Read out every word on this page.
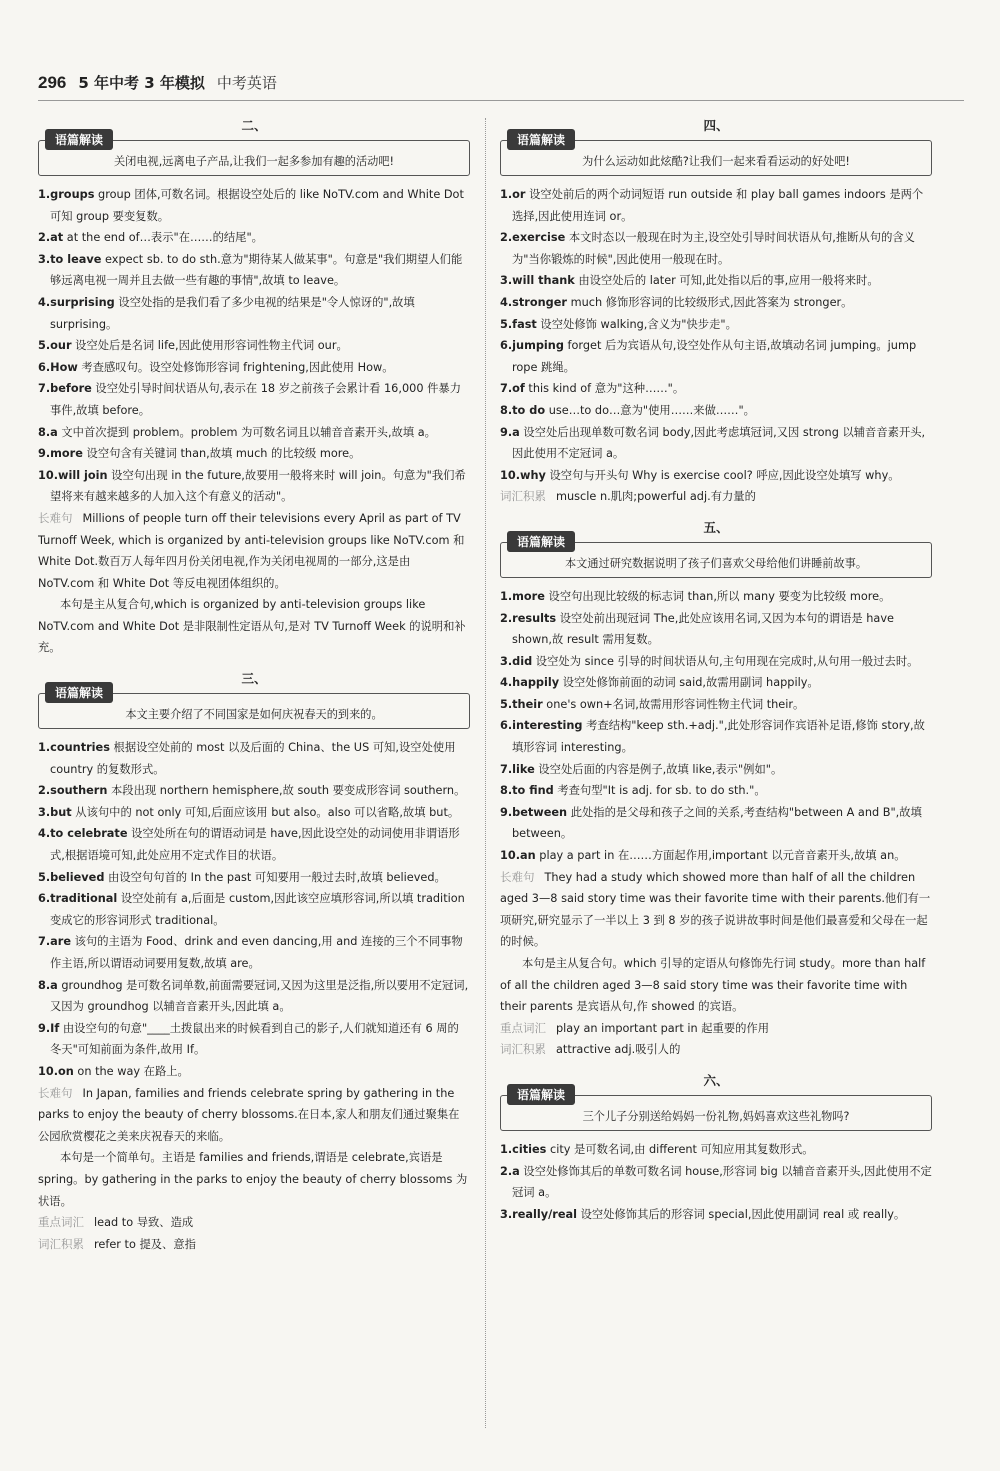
296 5 年中考 3 年模拟 中考英语
二、
语篇解读
关闭电视,远离电子产品,让我们一起多参加有趣的活动吧!

1.groups group 团体,可数名词。根据设空处后的 like NoTV.com and White Dot 可知 group 要变复数。

2.at at the end of…表示"在……的结尾"。

3.to leave expect sb. to do sth.意为"期待某人做某事"。句意是"我们期望人们能够远离电视一周并且去做一些有趣的事情",故填 to leave。

4.surprising 设空处指的是我们看了多少电视的结果是"令人惊讶的",故填 surprising。

5.our 设空处后是名词 life,因此使用形容词性物主代词 our。

6.How 考查感叹句。设空处修饰形容词 frightening,因此使用 How。

7.before 设空处引导时间状语从句,表示在 18 岁之前孩子会累计看 16,000 件暴力事件,故填 before。

8.a 文中首次提到 problem。problem 为可数名词且以辅音音素开头,故填 a。

9.more 设空句含有关键词 than,故填 much 的比较级 more。

10.will join 设空句出现 in the future,故要用一般将来时 will join。句意为"我们希望将来有越来越多的人加入这个有意义的活动"。

长难句 Millions of people turn off their televisions every April as part of TV Turnoff Week, which is organized by anti-television groups like NoTV.com 和 White Dot.数百万人每年四月份关闭电视,作为关闭电视周的一部分,这是由 NoTV.com 和 White Dot 等反电视团体组织的。

本句是主从复合句,which is organized by anti-television groups like NoTV.com and White Dot 是非限制性定语从句,是对 TV Turnoff Week 的说明和补充。

三、
语篇解读
本文主要介绍了不同国家是如何庆祝春天的到来的。

1.countries 根据设空处前的 most 以及后面的 China、the US 可知,设空处使用 country 的复数形式。

2.southern 本段出现 northern hemisphere,故 south 要变成形容词 southern。

3.but 从该句中的 not only 可知,后面应该用 but also。also 可以省略,故填 but。

4.to celebrate 设空处所在句的谓语动词是 have,因此设空处的动词使用非谓语形式,根据语境可知,此处应用不定式作目的状语。

5.believed 由设空句句首的 In the past 可知要用一般过去时,故填 believed。

6.traditional 设空处前有 a,后面是 custom,因此该空应填形容词,所以填 tradition 变成它的形容词形式 traditional。

7.are 该句的主语为 Food、drink and even dancing,用 and 连接的三个不同事物作主语,所以谓语动词要用复数,故填 are。

8.a groundhog 是可数名词单数,前面需要冠词,又因为这里是泛指,所以要用不定冠词,又因为 groundhog 以辅音音素开头,因此填 a。

9.If 由设空句的句意"____土拨鼠出来的时候看到自己的影子,人们就知道还有 6 周的冬天"可知前面为条件,故用 If。

10.on on the way 在路上。

长难句 In Japan, families and friends celebrate spring by gathering in the parks to enjoy the beauty of cherry blossoms.在日本,家人和朋友们通过聚集在公园欣赏樱花之美来庆祝春天的来临。

本句是一个简单句。主语是 families and friends,谓语是 celebrate,宾语是 spring。by gathering in the parks to enjoy the beauty of cherry blossoms 为状语。

重点词汇 lead to 导致、造成

词汇积累 refer to 提及、意指

四、
语篇解读
为什么运动如此炫酷?让我们一起来看看运动的好处吧!

1.or 设空处前后的两个动词短语 run outside 和 play ball games indoors 是两个选择,因此使用连词 or。

2.exercise 本文时态以一般现在时为主,设空处引导时间状语从句,推断从句的含义为"当你锻炼的时候",因此使用一般现在时。

3.will thank 由设空处后的 later 可知,此处指以后的事,应用一般将来时。

4.stronger much 修饰形容词的比较级形式,因此答案为 stronger。

5.fast 设空处修饰 walking,含义为"快步走"。

6.jumping forget 后为宾语从句,设空处作从句主语,故填动名词 jumping。jump rope 跳绳。

7.of this kind of 意为"这种……"。

8.to do use…to do…意为"使用……来做……"。

9.a 设空处后出现单数可数名词 body,因此考虑填冠词,又因 strong 以辅音音素开头,因此使用不定冠词 a。

10.why 设空句与开头句 Why is exercise cool? 呼应,因此设空处填写 why。

词汇积累 muscle n.肌肉;powerful adj.有力量的

五、
语篇解读
本文通过研究数据说明了孩子们喜欢父母给他们讲睡前故事。

1.more 设空句出现比较级的标志词 than,所以 many 要变为比较级 more。

2.results 设空处前出现冠词 The,此处应该用名词,又因为本句的谓语是 have shown,故 result 需用复数。

3.did 设空处为 since 引导的时间状语从句,主句用现在完成时,从句用一般过去时。

4.happily 设空处修饰前面的动词 said,故需用副词 happily。

5.their one's own+名词,故需用形容词性物主代词 their。

6.interesting 考查结构"keep sth.+adj.",此处形容词作宾语补足语,修饰 story,故填形容词 interesting。

7.like 设空处后面的内容是例子,故填 like,表示"例如"。

8.to find 考查句型"It is adj. for sb. to do sth."。

9.between 此处指的是父母和孩子之间的关系,考查结构"between A and B",故填 between。

10.an play a part in 在……方面起作用,important 以元音音素开头,故填 an。

长难句 They had a study which showed more than half of all the children aged 3—8 said story time was their favorite time with their parents.他们有一项研究,研究显示了一半以上 3 到 8 岁的孩子说讲故事时间是他们最喜爱和父母在一起的时候。

本句是主从复合句。which 引导的定语从句修饰先行词 study。more than half of all the children aged 3—8 said story time was their favorite time with their parents 是宾语从句,作 showed 的宾语。

重点词汇 play an important part in 起重要的作用

词汇积累 attractive adj.吸引人的

六、
语篇解读
三个儿子分别送给妈妈一份礼物,妈妈喜欢这些礼物吗?

1.cities city 是可数名词,由 different 可知应用其复数形式。

2.a 设空处修饰其后的单数可数名词 house,形容词 big 以辅音音素开头,因此使用不定冠词 a。

3.really/real 设空处修饰其后的形容词 special,因此使用副词 real 或 really。
